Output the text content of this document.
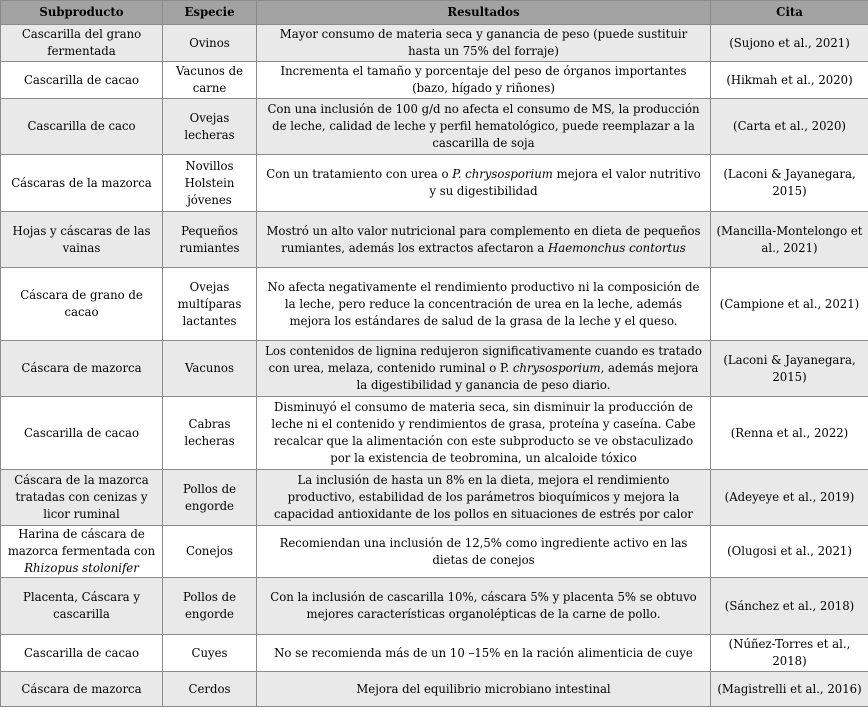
Subproducto	Especie	Resultados	Cita
Cascarilla del grano fermentada	Ovinos	Mayor consumo de materia seca y ganancia de peso (puede sustituir hasta un 75% del forraje)	(Sujono et al., 2021)
Cascarilla de cacao	Vacunos de carne	Incrementa el tamaño y porcentaje del peso de órganos importantes (bazo, hígado y riñones)	(Hikmah et al., 2020)
Cascarilla de caco	Ovejas lecheras	Con una inclusión de 100 g/d no afecta el consumo de MS, la producción de leche, calidad de leche y perfil hematológico, puede reemplazar a la cascarilla de soja	(Carta et al., 2020)
Cáscaras de la mazorca	Novillos Holstein jóvenes	Con un tratamiento con urea o P. chrysosporium mejora el valor nutritivo y su digestibilidad	(Laconi & Jayanegara, 2015)
Hojas y cáscaras de las vainas	Pequeños rumiantes	Mostró un alto valor nutricional para complemento en dieta de pequeños rumiantes, además los extractos afectaron a Haemonchus contortus	(Mancilla-Montelongo et al., 2021)
Cáscara de grano de cacao	Ovejas multíparas lactantes	No afecta negativamente el rendimiento productivo ni la composición de la leche, pero reduce la concentración de urea en la leche, además mejora los estándares de salud de la grasa de la leche y el queso.	(Campione et al., 2021)
Cáscara de mazorca	Vacunos	Los contenidos de lignina redujeron significativamente cuando es tratado con urea, melaza, contenido ruminal o P. chrysosporium, además mejora la digestibilidad y ganancia de peso diario.	(Laconi & Jayanegara, 2015)
Cascarilla de cacao	Cabras lecheras	Disminuyó el consumo de materia seca, sin disminuir la producción de leche ni el contenido y rendimientos de grasa, proteína y caseína. Cabe recalcar que la alimentación con este subproducto se ve obstaculizado por la existencia de teobromina, un alcaloide tóxico	(Renna et al., 2022)
Cáscara de la mazorca tratadas con cenizas y licor ruminal	Pollos de engorde	La inclusión de hasta un 8% en la dieta, mejora el rendimiento productivo, estabilidad de los parámetros bioquímicos y mejora la capacidad antioxidante de los pollos en situaciones de estrés por calor	(Adeyeye et al., 2019)
Harina de cáscara de mazorca fermentada con Rhizopus stolonifer	Conejos	Recomiendan una inclusión de 12,5% como ingrediente activo en las dietas de conejos	(Olugosi et al., 2021)
Placenta, Cáscara y cascarilla	Pollos de engorde	Con la inclusión de cascarilla 10%, cáscara 5% y placenta 5% se obtuvo mejores características organolépticas de la carne de pollo.	(Sánchez et al., 2018)
Cascarilla de cacao	Cuyes	No se recomienda más de un 10 –15% en la ración alimenticia de cuye	(Núñez-Torres et al., 2018)
Cáscara de mazorca	Cerdos	Mejora del equilibrio microbiano intestinal	(Magistrelli et al., 2016)
